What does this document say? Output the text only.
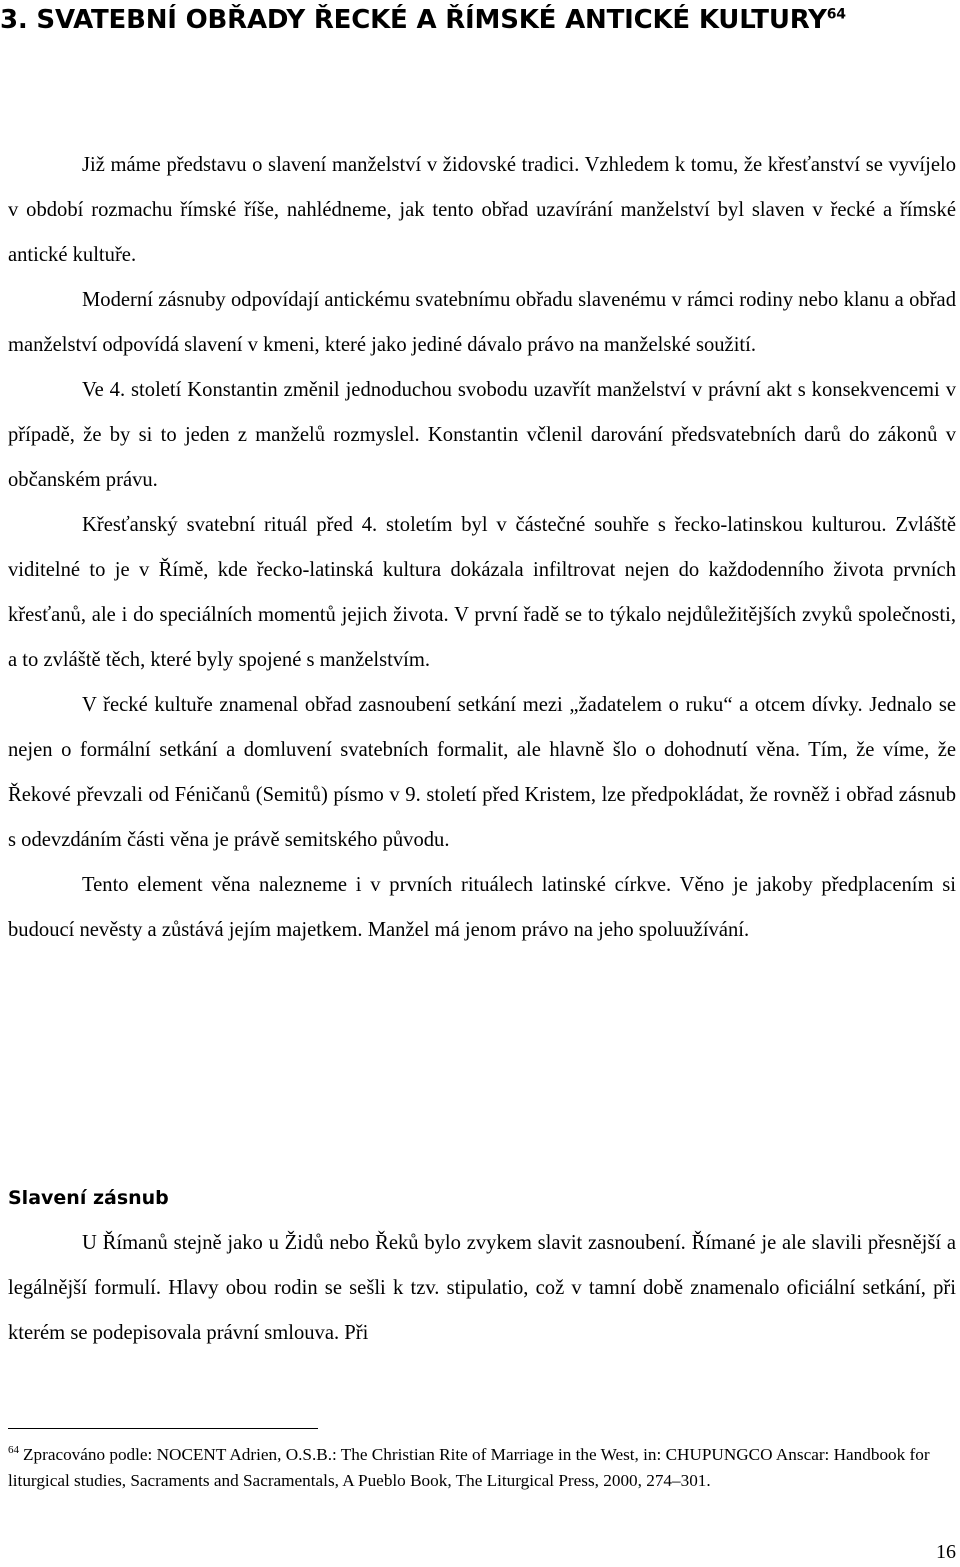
3. SVATEBNÍ OBŘADY ŘECKÉ A ŘÍMSKÉ ANTICKÉ KULTURY$^{64}$

Již máme představu o slavení manželství v židovské tradici. Vzhledem k tomu, že křesťanství se vyvíjelo v období rozmachu římské říše, nahlédneme, jak tento obřad uzavírání manželství byl slaven v řecké a římské antické kultuře.

Moderní zásnuby odpovídají antickému svatebnímu obřadu slavenému v rámci rodiny nebo klanu a obřad manželství odpovídá slavení v kmeni, které jako jediné dávalo právo na manželské soužití.

Ve 4. století Konstantin změnil jednoduchou svobodu uzavřít manželství v právní akt s konsekvencemi v případě, že by si to jeden z manželů rozmyslel. Konstantin včlenil darování předsvatebních darů do zákonů v občanském právu.

Křesťanský svatební rituál před 4. stoletím byl v částečné souhře s řecko-latinskou kulturou. Zvláště viditelné to je v Římě, kde řecko-latinská kultura dokázala infiltrovat nejen do každodenního života prvních křesťanů, ale i do speciálních momentů jejich života. V první řadě se to týkalo nejdůležitějších zvyků společnosti, a to zvláště těch, které byly spojené s manželstvím.

V řecké kultuře znamenal obřad zasnoubení setkání mezi „žadatelem o ruku“ a otcem dívky. Jednalo se nejen o formální setkání a domluvení svatebních formalit, ale hlavně šlo o dohodnutí věna. Tím, že víme, že Řekové převzali od Féničanů (Semitů) písmo v 9. století před Kristem, lze předpokládat, že rovněž i obřad zásnub s odevzdáním části věna je právě semitského původu.

Tento element věna nalezneme i v prvních rituálech latinské církve. Věno je jakoby předplacením si budoucí nevěsty a zůstává jejím majetkem. Manžel má jenom právo na jeho spoluužívání.

Slavení zásnub

U Římanů stejně jako u Židů nebo Řeků bylo zvykem slavit zasnoubení. Římané je ale slavili přesnější a legálnější formulí. Hlavy obou rodin se sešli k tzv. stipulatio, což v tamní době znamenalo oficiální setkání, při kterém se podepisovala právní smlouva. Při

$^{64}$ Zpracováno podle: NOCENT Adrien, O.S.B.: The Christian Rite of Marriage in the West, in: CHUPUNGCO Anscar: Handbook for liturgical studies, Sacraments and Sacramentals, A Pueblo Book, The Liturgical Press, 2000, 274–301.

16
